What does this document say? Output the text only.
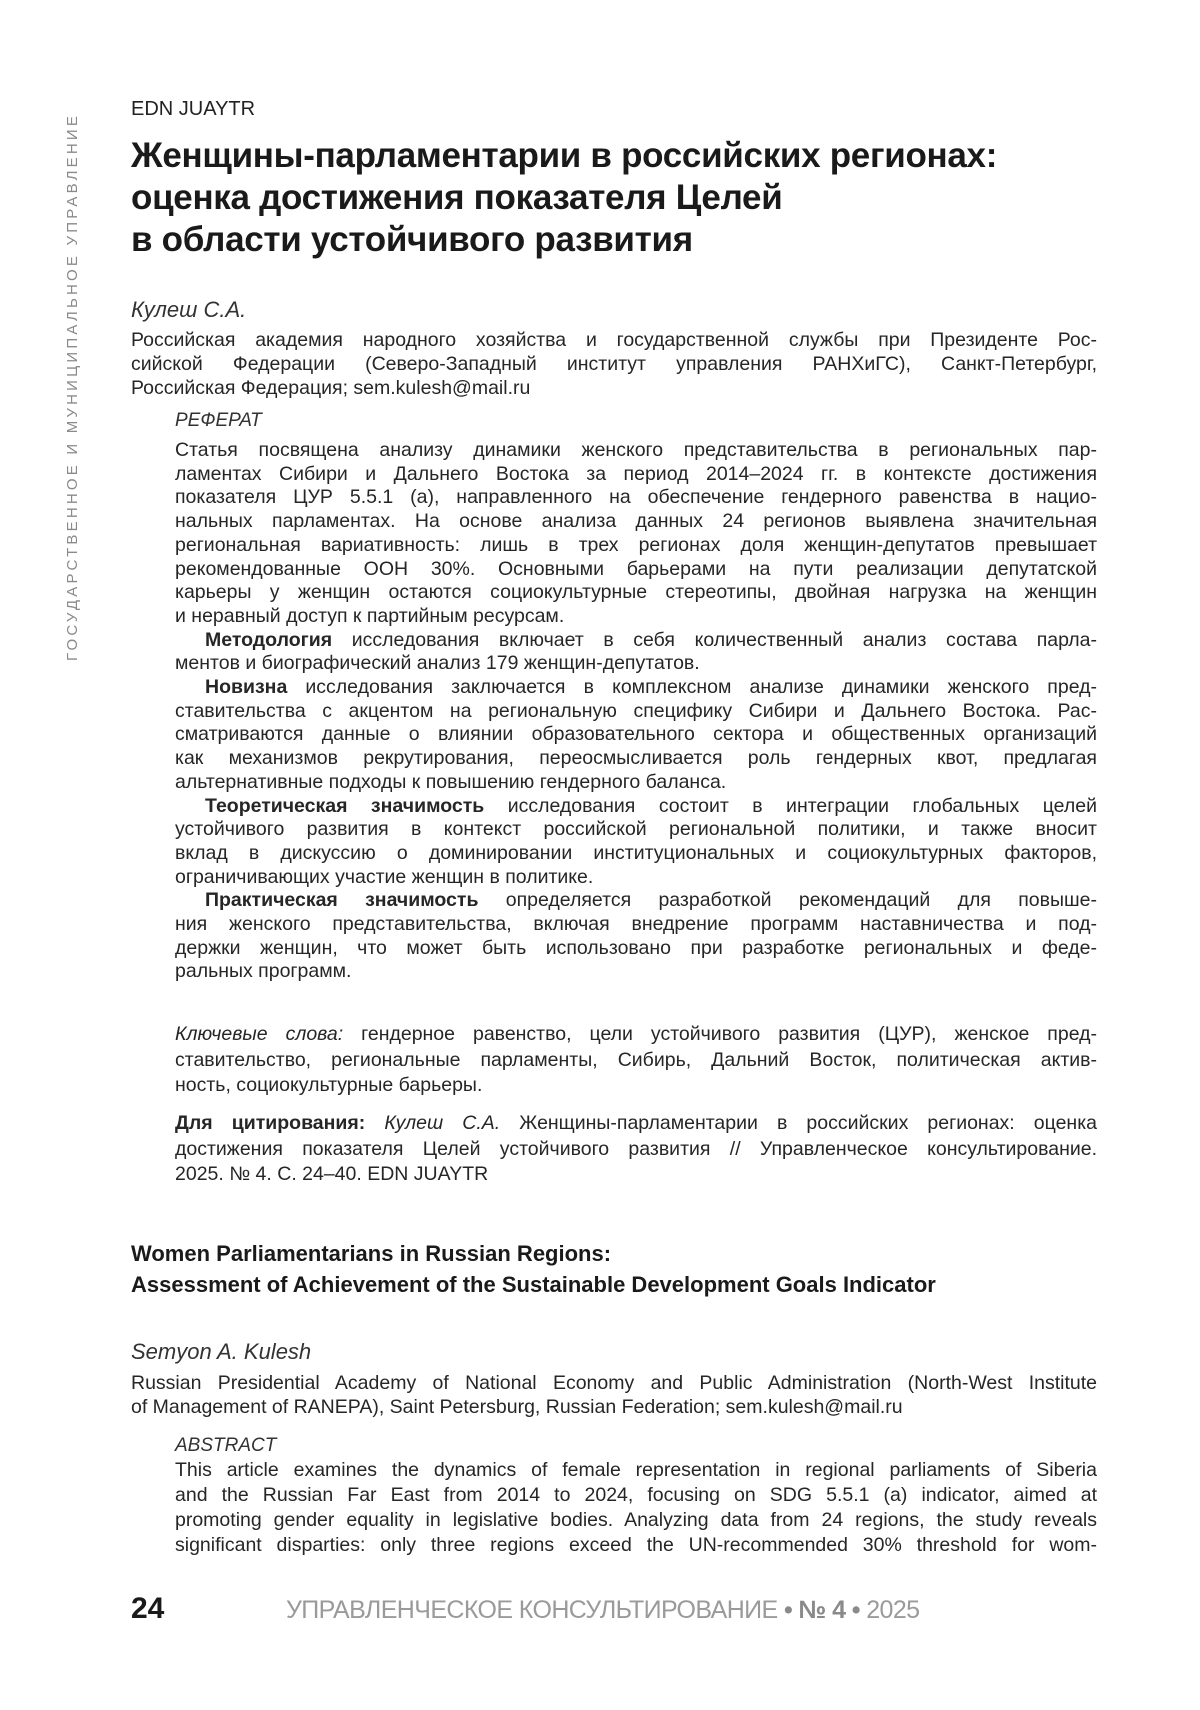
ГОСУДАРСТВЕННОЕ И МУНИЦИПАЛЬНОЕ УПРАВЛЕНИЕ
EDN JUAYTR
Женщины-парламентарии в российских регионах:
оценка достижения показателя Целей
в области устойчивого развития
Кулеш С.А.
Российская академия народного хозяйства и государственной службы при Президенте Рос-
сийской Федерации (Северо-Западный институт управления РАНХиГС), Санкт-Петербург,
Российская Федерация; sem.kulesh@mail.ru
РЕФЕРАТ
Статья посвящена анализу динамики женского представительства в региональных пар-
ламентах Сибири и Дальнего Востока за период 2014–2024 гг. в контексте достижения
показателя ЦУР 5.5.1 (а), направленного на обеспечение гендерного равенства в нацио-
нальных парламентах. На основе анализа данных 24 регионов выявлена значительная
региональная вариативность: лишь в трех регионах доля женщин-депутатов превышает
рекомендованные ООН 30%. Основными барьерами на пути реализации депутатской
карьеры у женщин остаются социокультурные стереотипы, двойная нагрузка на женщин
и неравный доступ к партийным ресурсам.
Методология исследования включает в себя количественный анализ состава парла-
ментов и биографический анализ 179 женщин-депутатов.
Новизна исследования заключается в комплексном анализе динамики женского пред-
ставительства с акцентом на региональную специфику Сибири и Дальнего Востока. Рас-
сматриваются данные о влиянии образовательного сектора и общественных организаций
как механизмов рекрутирования, переосмысливается роль гендерных квот, предлагая
альтернативные подходы к повышению гендерного баланса.
Теоретическая значимость исследования состоит в интеграции глобальных целей
устойчивого развития в контекст российской региональной политики, и также вносит
вклад в дискуссию о доминировании институциональных и социокультурных факторов,
ограничивающих участие женщин в политике.
Практическая значимость определяется разработкой рекомендаций для повыше-
ния женского представительства, включая внедрение программ наставничества и под-
держки женщин, что может быть использовано при разработке региональных и феде-
ральных программ.
Ключевые слова: гендерное равенство, цели устойчивого развития (ЦУР), женское пред-
ставительство, региональные парламенты, Сибирь, Дальний Восток, политическая актив-
ность, социокультурные барьеры.
Для цитирования: Кулеш С.А. Женщины-парламентарии в российских регионах: оценка
достижения показателя Целей устойчивого развития // Управленческое консультирование.
2025. № 4. С. 24–40. EDN JUAYTR
Women Parliamentarians in Russian Regions:
Assessment of Achievement of the Sustainable Development Goals Indicator
Semyon A. Kulesh
Russian Presidential Academy of National Economy and Public Administration (North-West Institute
of Management of RANEPA), Saint Petersburg, Russian Federation; sem.kulesh@mail.ru
ABSTRACT
This article examines the dynamics of female representation in regional parliaments of Siberia
and the Russian Far East from 2014 to 2024, focusing on SDG 5.5.1 (a) indicator, aimed at
promoting gender equality in legislative bodies. Analyzing data from 24 regions, the study reveals
significant disparties: only three regions exceed the UN-recommended 30% threshold for wom-
24	УПРАВЛЕНЧЕСКОЕ КОНСУЛЬТИРОВАНИЕ • № 4 • 2025
